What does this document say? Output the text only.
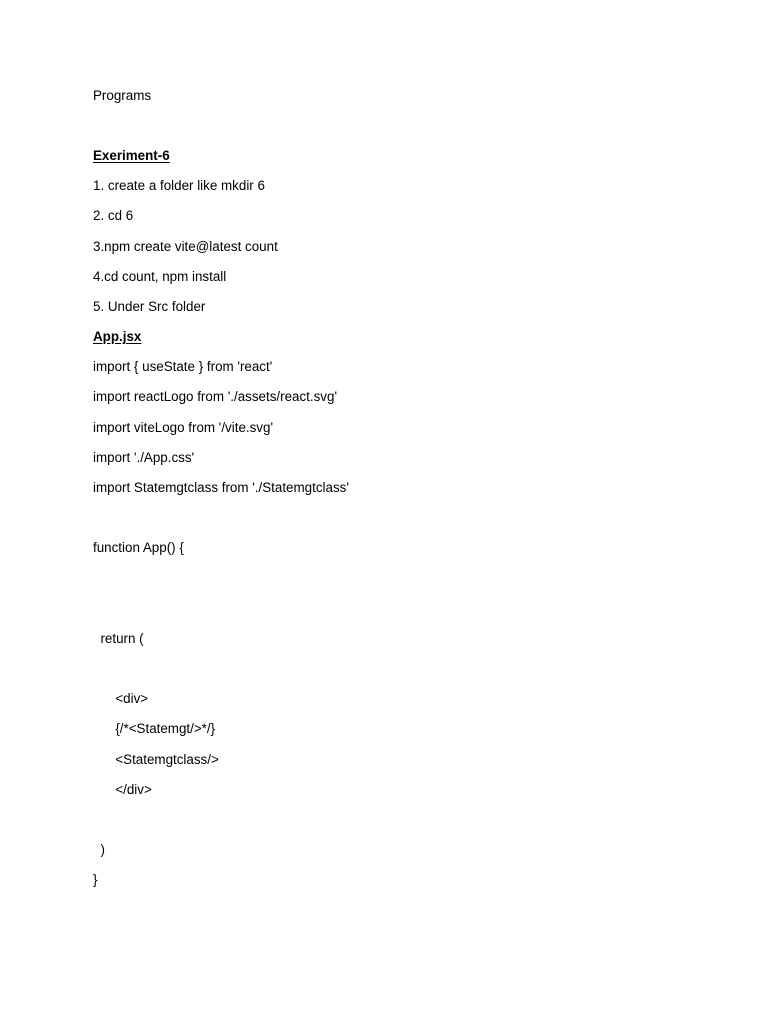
Programs

Exeriment-6

1. create a folder like mkdir 6

2. cd 6

3.npm create vite@latest count

4.cd count, npm install

5. Under Src folder

App.jsx

import { useState } from 'react'

import reactLogo from './assets/react.svg'

import viteLogo from '/vite.svg'

import './App.css'

import Statemgtclass from './Statemgtclass'

function App() {

return (

<div>

{/*<Statemgt/>*/}

<Statemgtclass/>

</div>

)

}
